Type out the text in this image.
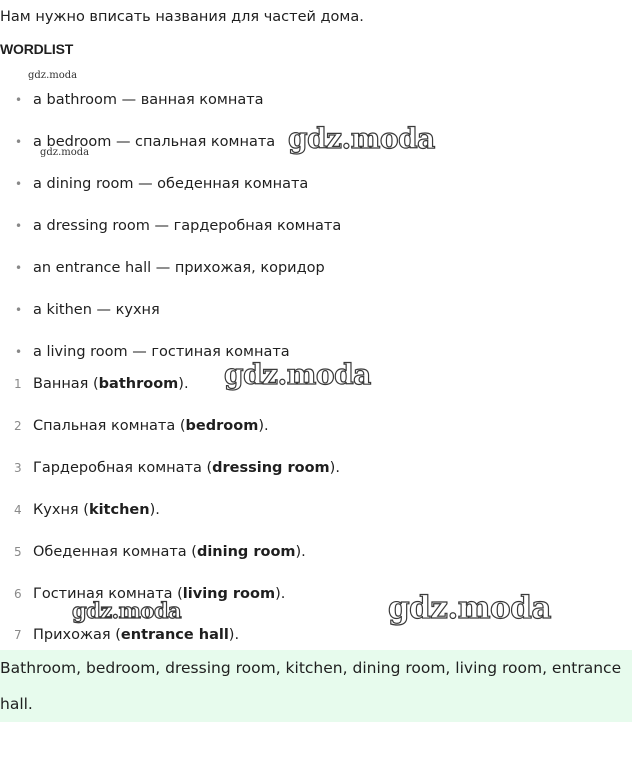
Нам нужно вписать названия для частей дома.
WORDLIST
• a bathroom — ванная комната
• a bedroom — спальная комната
• a dining room — обеденная комната
• a dressing room — гардеробная комната
• an entrance hall — прихожая, коридор
• a kithen — кухня
• a living room — гостиная комната
1 Ванная (bathroom).
2 Спальная комната (bedroom).
3 Гардеробная комната (dressing room).
4 Кухня (kitchen).
5 Обеденная комната (dining room).
6 Гостиная комната (living room).
7 Прихожая (entrance hall).
Bathroom, bedroom, dressing room, kitchen, dining room, living room, entrance hall.
gdz.moda
gdz.moda	gdz.moda
gdz.moda
gdz.moda	gdz.moda
